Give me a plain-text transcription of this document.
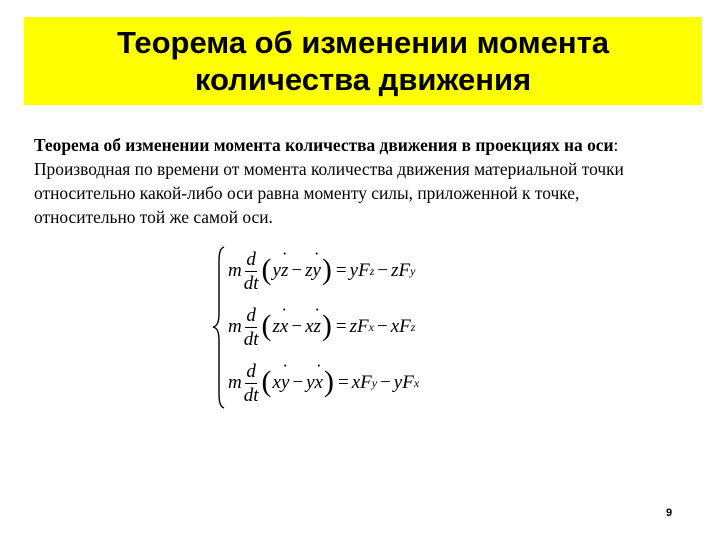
Теорема об изменении момента
количества движения

Теорема об изменении момента количества движения в проекциях на оси:

Производная по времени от момента количества движения материальной точки

относительно какой-либо оси равна моменту силы, приложенной к точке,

относительно той же самой оси.

m $\frac{d}{dt}$ ( y z ˙ − z y ˙ ) = y F z − z F y
m $\frac{d}{dt}$ ( z x ˙ − x z ˙ ) = z F x − x F z
m $\frac{d}{dt}$ ( x y ˙ − y x ˙ ) = x F y − y F x
9
